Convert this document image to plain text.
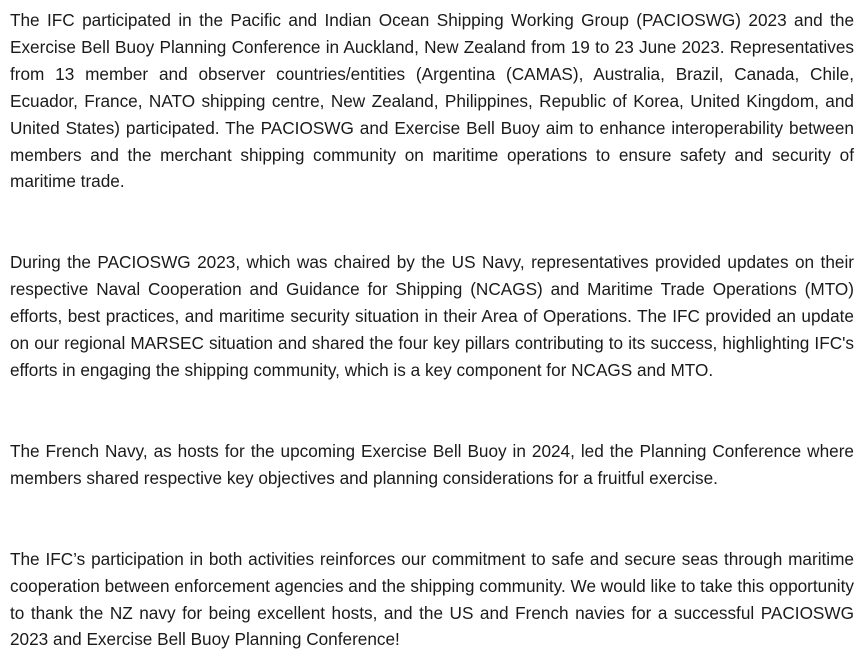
The IFC participated in the Pacific and Indian Ocean Shipping Working Group (PACIOSWG) 2023 and the Exercise Bell Buoy Planning Conference in Auckland, New Zealand from 19 to 23 June 2023. Representatives from 13 member and observer countries/entities (Argentina (CAMAS), Australia, Brazil, Canada, Chile, Ecuador, France, NATO shipping centre, New Zealand, Philippines, Republic of Korea, United Kingdom, and United States) participated. The PACIOSWG and Exercise Bell Buoy aim to enhance interoperability between members and the merchant shipping community on maritime operations to ensure safety and security of maritime trade.

During the PACIOSWG 2023, which was chaired by the US Navy, representatives provided updates on their respective Naval Cooperation and Guidance for Shipping (NCAGS) and Maritime Trade Operations (MTO) efforts, best practices, and maritime security situation in their Area of Operations. The IFC provided an update on our regional MARSEC situation and shared the four key pillars contributing to its success, highlighting IFC's efforts in engaging the shipping community, which is a key component for NCAGS and MTO.

The French Navy, as hosts for the upcoming Exercise Bell Buoy in 2024, led the Planning Conference where members shared respective key objectives and planning considerations for a fruitful exercise.

The IFC’s participation in both activities reinforces our commitment to safe and secure seas through maritime cooperation between enforcement agencies and the shipping community. We would like to take this opportunity to thank the NZ navy for being excellent hosts, and the US and French navies for a successful PACIOSWG 2023 and Exercise Bell Buoy Planning Conference!
